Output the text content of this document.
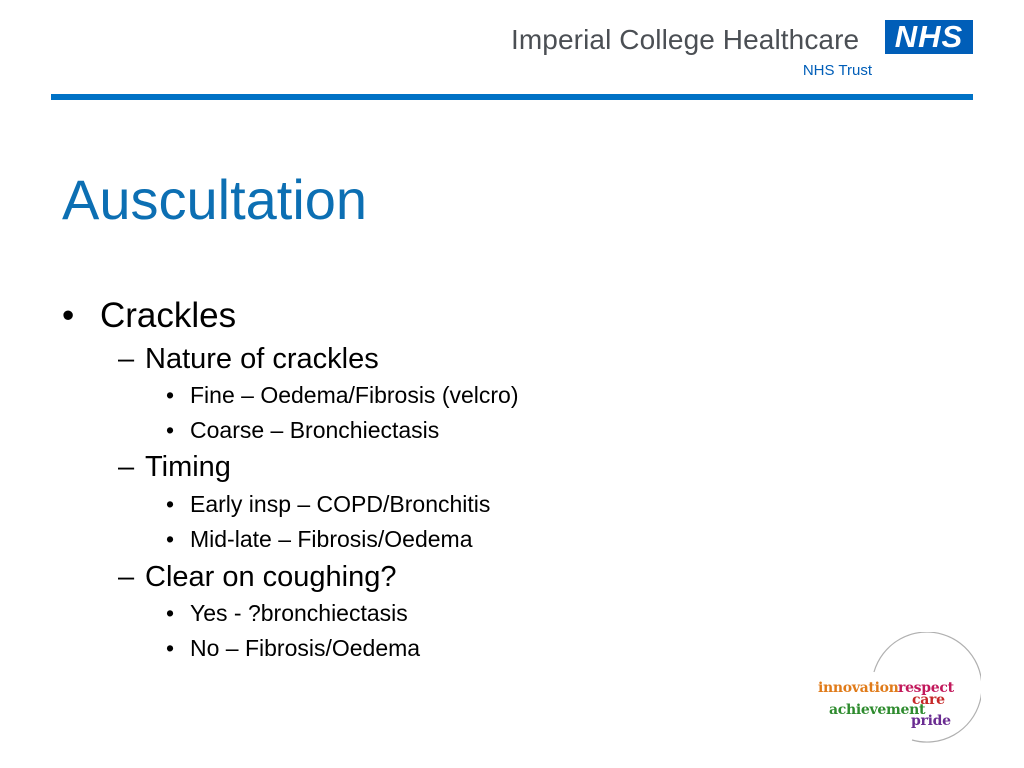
Imperial College Healthcare
NHS Trust
NHS
Auscultation
• Crackles
– Nature of crackles
• Fine – Oedema/Fibrosis (velcro)
• Coarse – Bronchiectasis
– Timing
• Early insp – COPD/Bronchitis
• Mid-late – Fibrosis/Oedema
– Clear on coughing?
• Yes - ?bronchiectasis
• No – Fibrosis/Oedema
innovation respect
care
achievement
pride
